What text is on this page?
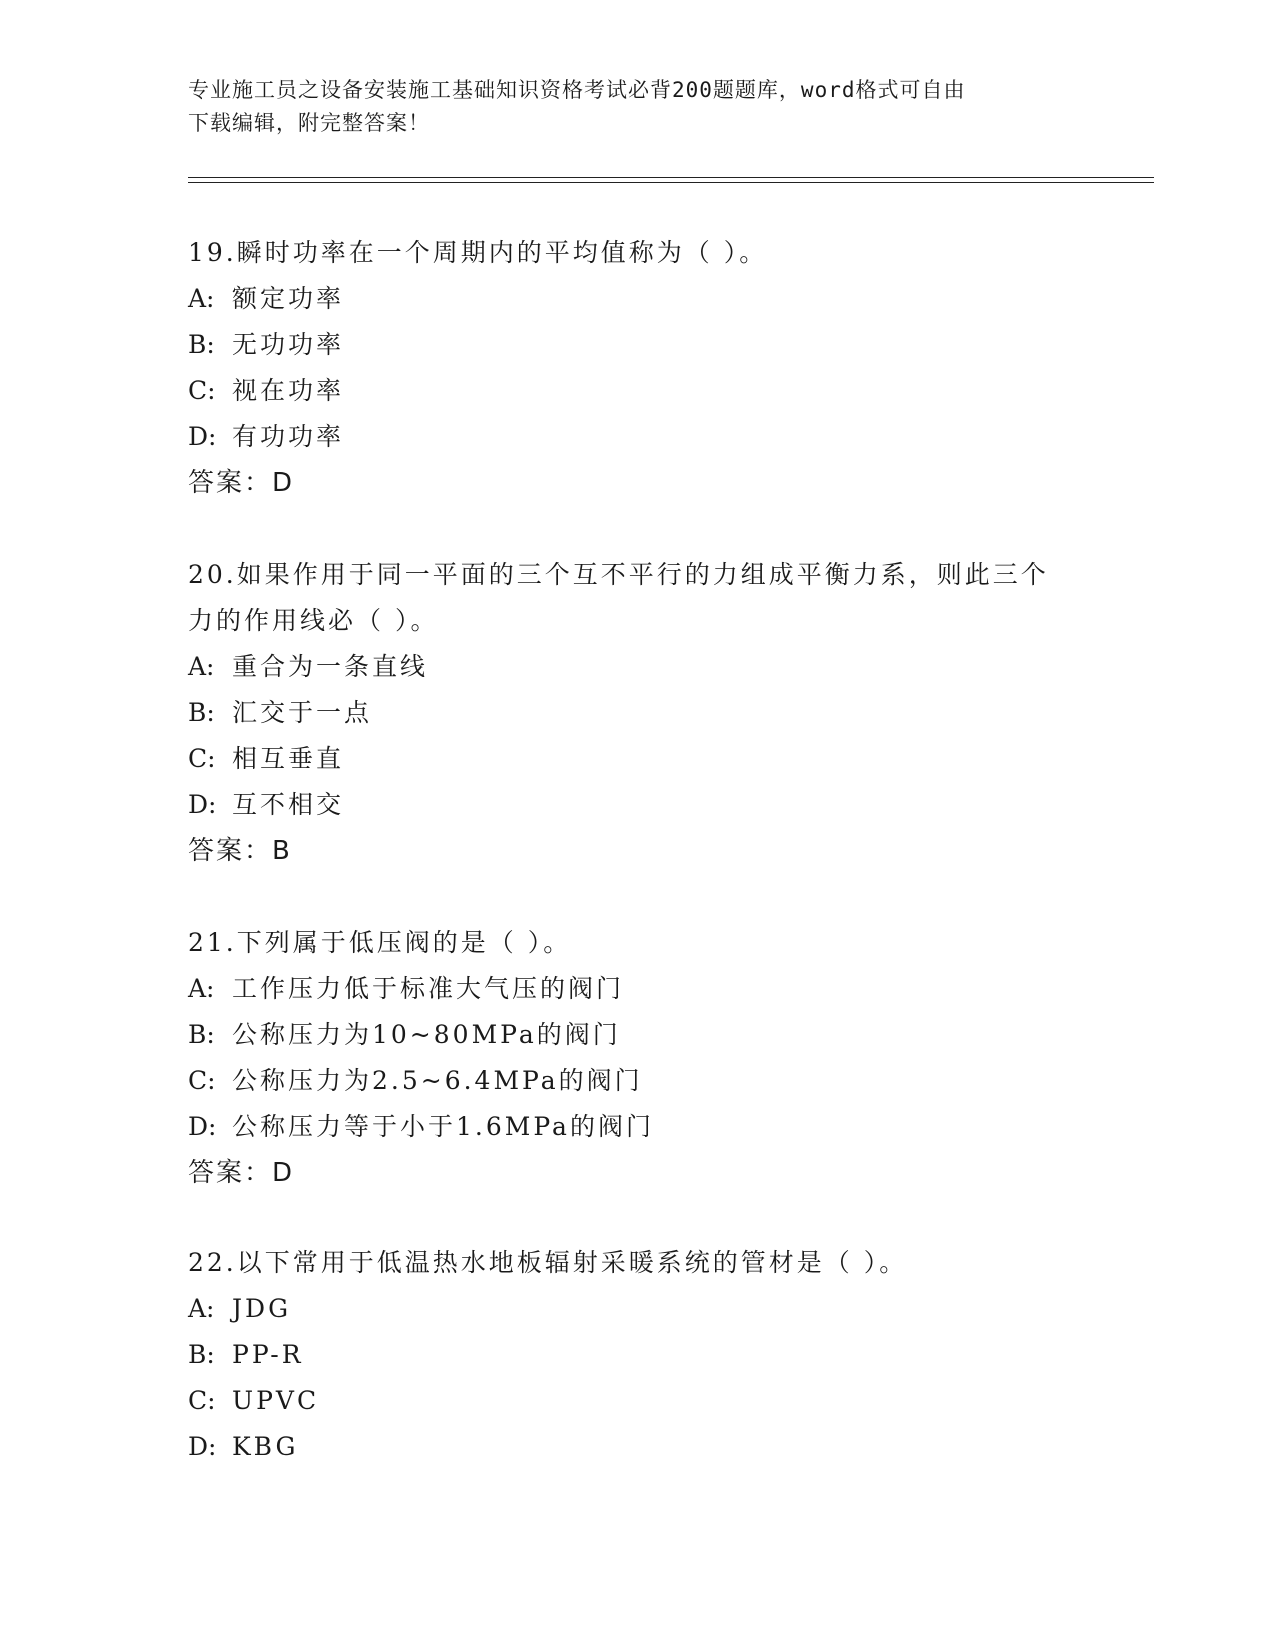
专业施工员之设备安装施工基础知识资格考试必背200题题库，word格式可自由
下载编辑，附完整答案！
19.瞬时功率在一个周期内的平均值称为（ ）。
A: 额定功率
B: 无功功率
C: 视在功率
D: 有功功率
答案：D
20.如果作用于同一平面的三个互不平行的力组成平衡力系，则此三个
力的作用线必（ ）。
A: 重合为一条直线
B: 汇交于一点
C: 相互垂直
D: 互不相交
答案：B
21.下列属于低压阀的是（ ）。
A: 工作压力低于标准大气压的阀门
B: 公称压力为10~80MPa的阀门
C: 公称压力为2.5~6.4MPa的阀门
D: 公称压力等于小于1.6MPa的阀门
答案：D
22.以下常用于低温热水地板辐射采暖系统的管材是（ ）。
A: JDG
B: PP-R
C: UPVC
D: KBG
